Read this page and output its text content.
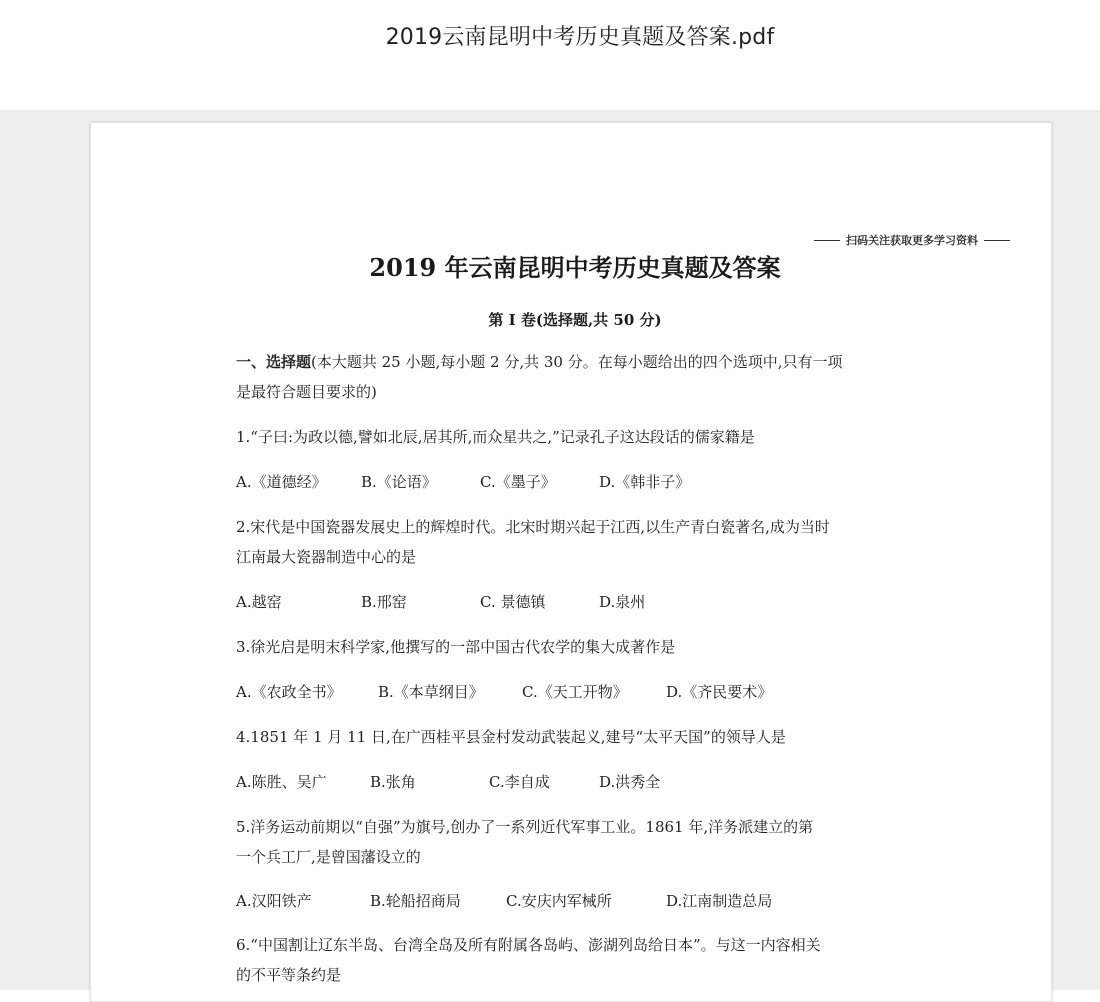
2019云南昆明中考历史真题及答案.pdf
扫码关注获取更多学习资料
2019 年云南昆明中考历史真题及答案
第 I 卷(选择题,共 50 分)
一、选择题(本大题共 25 小题,每小题 2 分,共 30 分。在每小题给出的四个选项中,只有一项
是最符合题目要求的)
1.“子曰:为政以德,譬如北辰,居其所,而众星共之,”记录孔子这达段话的儒家籍是
A.《道德经》 B.《论语》	C.《墨子》	D.《韩非子》
2.宋代是中国瓷器发展史上的辉煌时代。北宋时期兴起于江西,以生产青白瓷著名,成为当时
江南最大瓷器制造中心的是
A.越窑	B.邢窑	C. 景德镇	D.泉州
3.徐光启是明末科学家,他撰写的一部中国古代农学的集大成著作是
A.《农政全书》 B.《本草纲目》	C.《天工开物》	D.《齐民要术》
4.1851 年 1 月 11 日,在广西桂平县金村发动武装起义,建号“太平天国”的领导人是
A.陈胜、吴广	B.张角	C.李自成	D.洪秀全
5.洋务运动前期以“自强”为旗号,创办了一系列近代军事工业。1861 年,洋务派建立的第
一个兵工厂,是曾国藩设立的
A.汉阳铁产	B.轮船招商局	C.安庆内军械所	D.江南制造总局
6.“中国割让辽东半岛、台湾全岛及所有附属各岛屿、澎湖列岛给日本”。与这一内容相关
的不平等条约是
